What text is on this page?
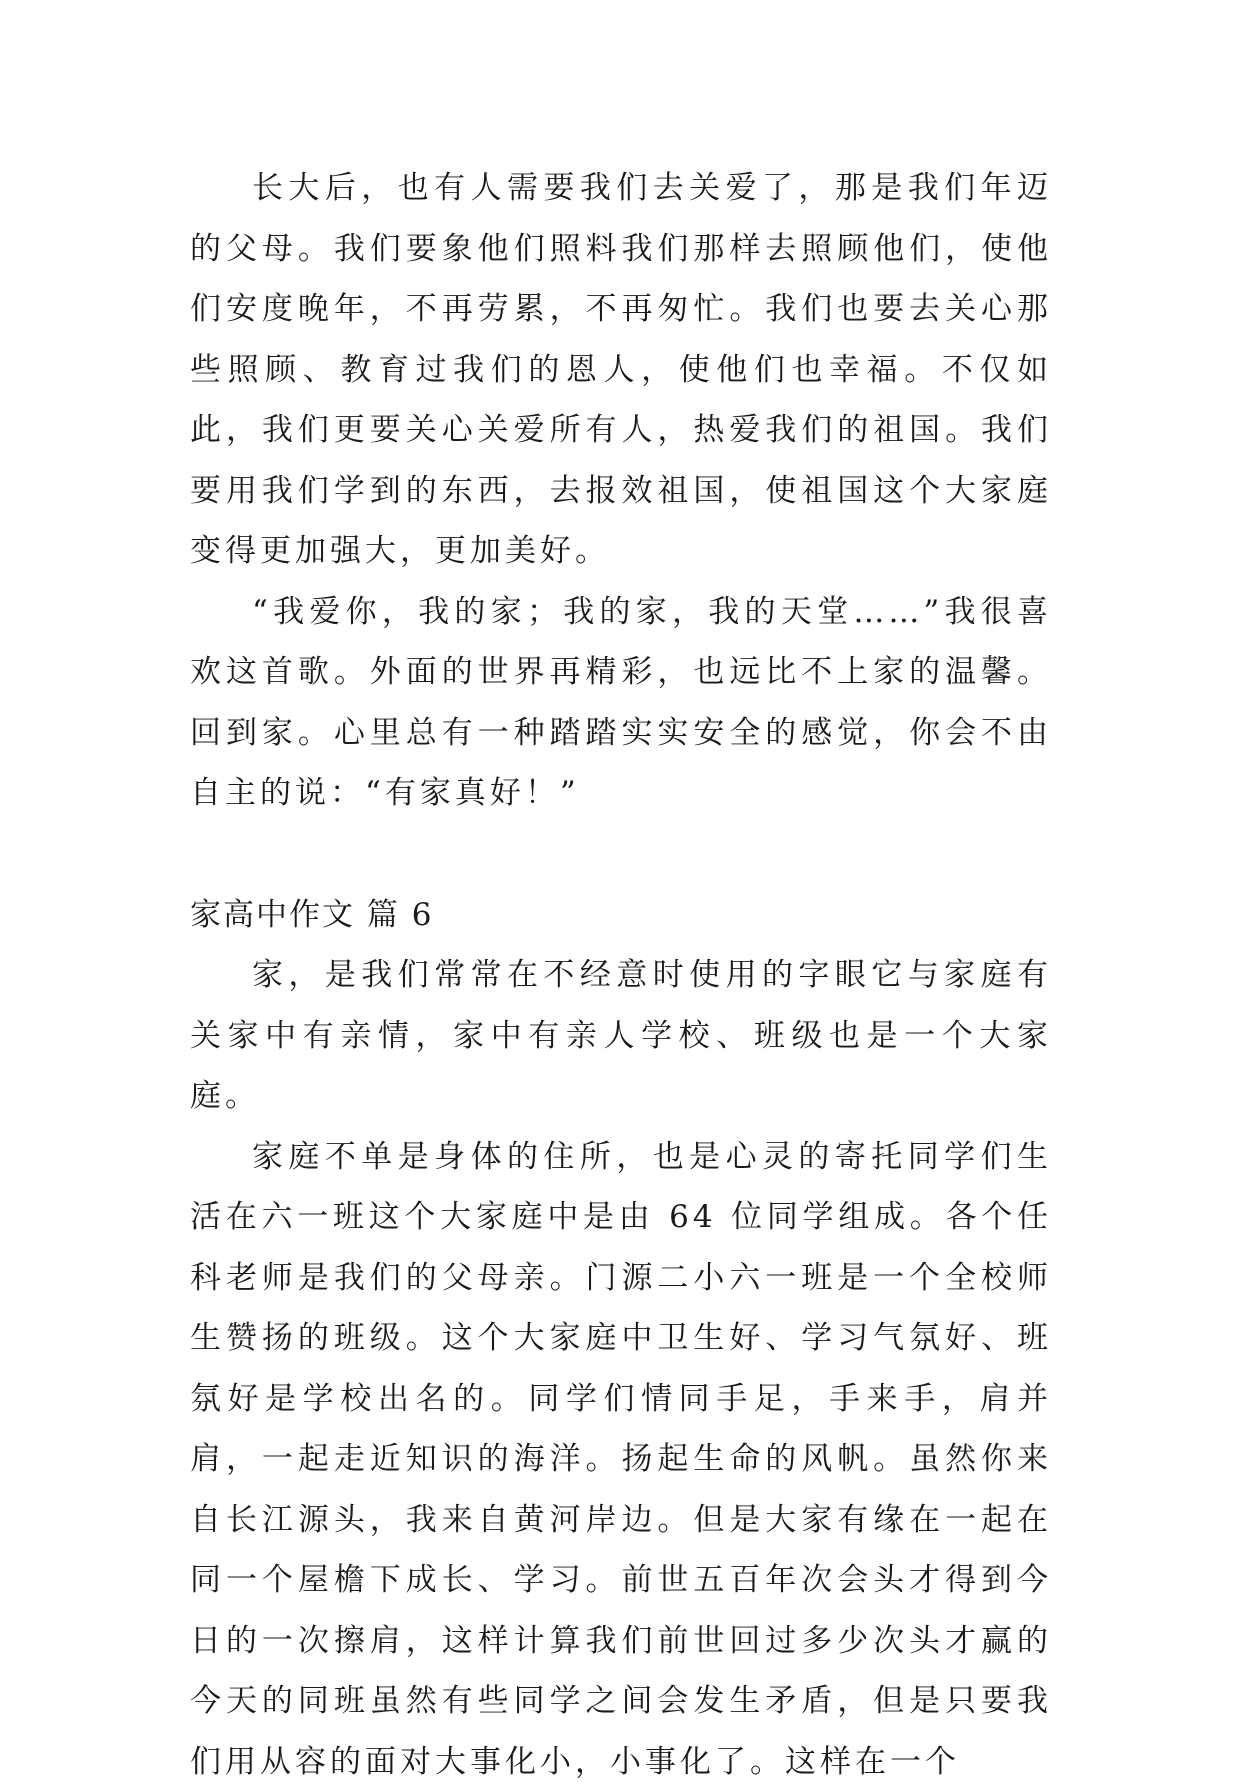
长大后，也有人需要我们去关爱了，那是我们年迈的父母。我们要象他们照料我们那样去照顾他们，使他们安度晚年，不再劳累，不再匆忙。我们也要去关心那些照顾、教育过我们的恩人，使他们也幸福。不仅如此，我们更要关心关爱所有人，热爱我们的祖国。我们要用我们学到的东西，去报效祖国，使祖国这个大家庭变得更加强大，更加美好。

“我爱你，我的家；我的家，我的天堂……”我很喜欢这首歌。外面的世界再精彩，也远比不上家的温馨。回到家。心里总有一种踏踏实实安全的感觉，你会不由自主的说：“有家真好！”

家高中作文 篇 6

家，是我们常常在不经意时使用的字眼它与家庭有关家中有亲情，家中有亲人学校、班级也是一个大家庭。

家庭不单是身体的住所，也是心灵的寄托同学们生活在六一班这个大家庭中是由 64 位同学组成。各个任科老师是我们的父母亲。门源二小六一班是一个全校师生赞扬的班级。这个大家庭中卫生好、学习气氛好、班氛好是学校出名的。同学们情同手足，手来手，肩并肩，一起走近知识的海洋。扬起生命的风帆。虽然你来自长江源头，我来自黄河岸边。但是大家有缘在一起在同一个屋檐下成长、学习。前世五百年次会头才得到今日的一次擦肩，这样计算我们前世回过多少次头才赢的今天的同班虽然有些同学之间会发生矛盾，但是只要我们用从容的面对大事化小，小事化了。这样在一个
